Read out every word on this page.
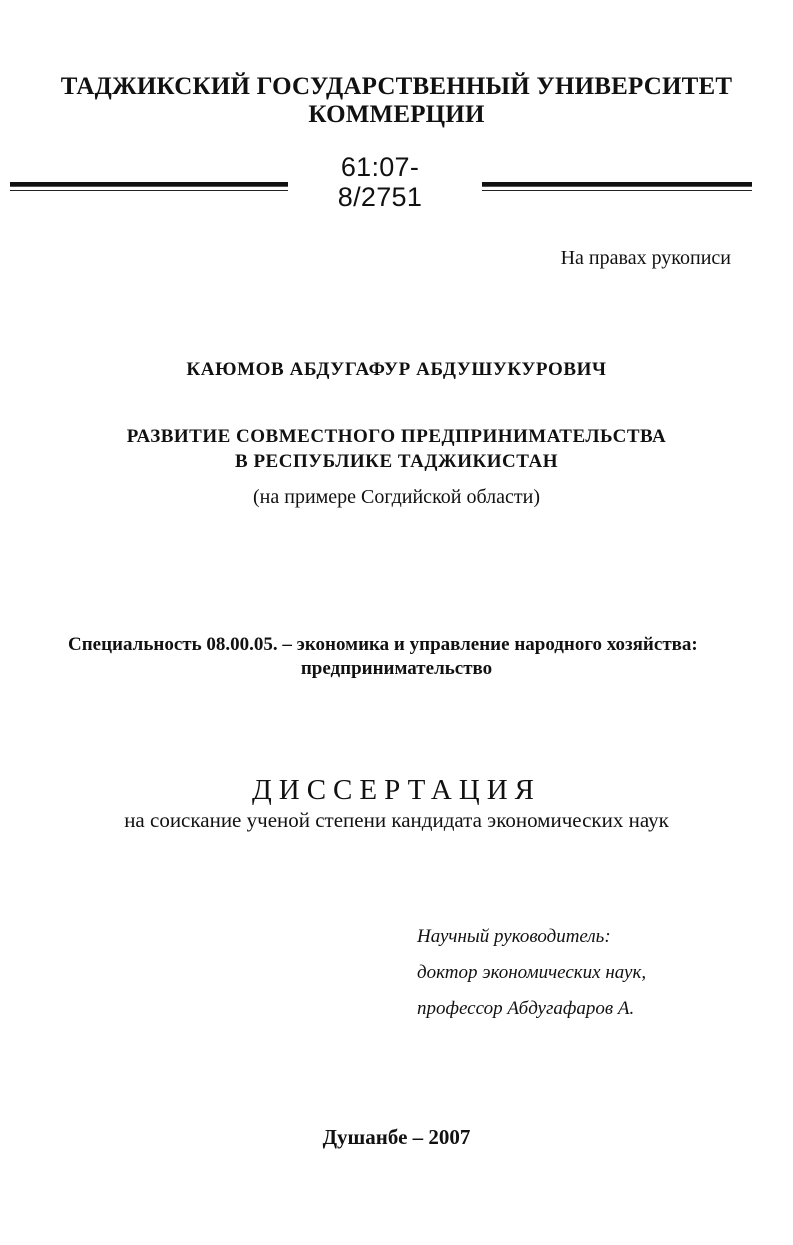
ТАДЖИКСКИЙ ГОСУДАРСТВЕННЫЙ УНИВЕРСИТЕТ
КОММЕРЦИИ
61:07-8/2751
На правах рукописи
КАЮМОВ АБДУГАФУР АБДУШУКУРОВИЧ
РАЗВИТИЕ СОВМЕСТНОГО ПРЕДПРИНИМАТЕЛЬСТВА
В РЕСПУБЛИКЕ ТАДЖИКИСТАН
(на примере Согдийской области)
Специальность 08.00.05. – экономика и управление народного хозяйства:
предпринимательство
ДИССЕРТАЦИЯ
на соискание ученой степени кандидата экономических наук
Научный руководитель:
доктор экономических наук,
профессор Абдугафаров А.
Душанбе – 2007
